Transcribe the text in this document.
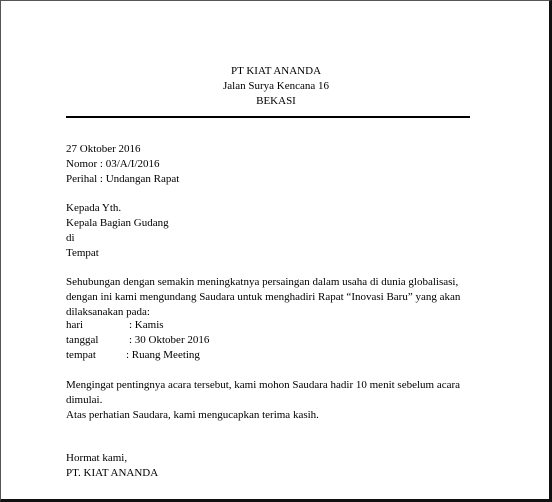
PT KIAT ANANDA
Jalan Surya Kencana 16
BEKASI
27 Oktober 2016
Nomor : 03/A/I/2016
Perihal : Undangan Rapat
Kepada Yth.
Kepala Bagian Gudang
di
Tempat
Sehubungan dengan semakin meningkatnya persaingan dalam usaha di dunia globalisasi,
dengan ini kami mengundang Saudara untuk menghadiri Rapat “Inovasi Baru” yang akan
dilaksanakan pada:
hari	: Kamis
tanggal	: 30 Oktober 2016
tempat	: Ruang Meeting
Mengingat pentingnya acara tersebut, kami mohon Saudara hadir 10 menit sebelum acara
dimulai.
Atas perhatian Saudara, kami mengucapkan terima kasih.
Hormat kami,
PT. KIAT ANANDA
